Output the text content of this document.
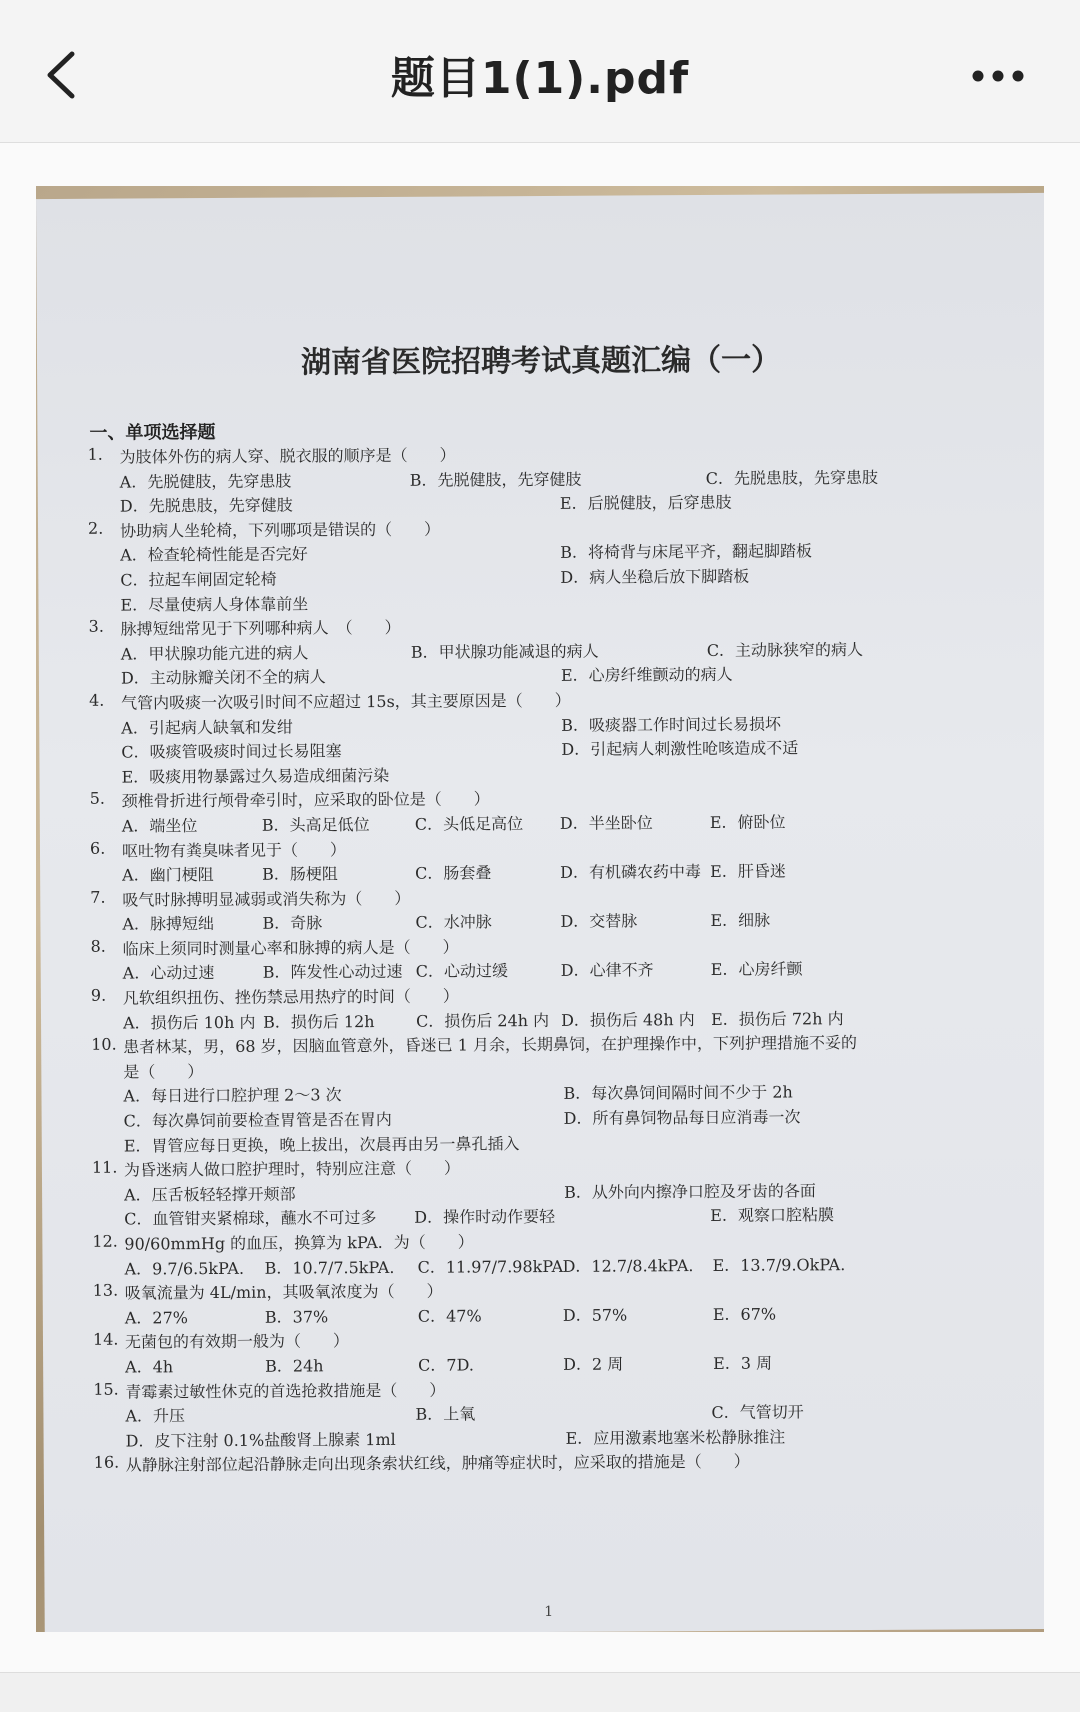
题目1(1).pdf
湖南省医院招聘考试真题汇编（一）
一、单项选择题
1. 为肢体外伤的病人穿、脱衣服的顺序是（　　）
A．先脱健肢，先穿患肢	B．先脱健肢，先穿健肢	C．先脱患肢，先穿患肢
D．先脱患肢，先穿健肢	E．后脱健肢，后穿患肢
2. 协助病人坐轮椅，下列哪项是错误的（　　）
A．检查轮椅性能是否完好	B．将椅背与床尾平齐，翻起脚踏板
C．拉起车闸固定轮椅	D．病人坐稳后放下脚踏板
E．尽量使病人身体靠前坐
3. 脉搏短绌常见于下列哪种病人　（　　）
A．甲状腺功能亢进的病人	B．甲状腺功能减退的病人	C．主动脉狭窄的病人
D．主动脉瓣关闭不全的病人	E．心房纤维颤动的病人
4. 气管内吸痰一次吸引时间不应超过 15s，其主要原因是（　　）
A．引起病人缺氧和发绀	B．吸痰器工作时间过长易损坏
C．吸痰管吸痰时间过长易阻塞	D．引起病人刺激性呛咳造成不适
E．吸痰用物暴露过久易造成细菌污染
5. 颈椎骨折进行颅骨牵引时，应采取的卧位是（　　）
A．端坐位	B．头高足低位	C．头低足高位 D．半坐卧位	E．俯卧位
6. 呕吐物有粪臭味者见于（　　）
A．幽门梗阻	B．肠梗阻	C．肠套叠	D．有机磷农药中毒 E．肝昏迷
7. 吸气时脉搏明显减弱或消失称为（　　）
A．脉搏短绌	B．奇脉	C．水冲脉	D．交替脉	E．细脉
8. 临床上须同时测量心率和脉搏的病人是（　　）
A．心动过速	B．阵发性心动过速 C．心动过缓	D．心律不齐	E．心房纤颤
9. 凡软组织扭伤、挫伤禁忌用热疗的时间（　　）
A．损伤后 10h 内 B．损伤后 12h	C．损伤后 24h 内 D．损伤后 48h 内 E．损伤后 72h 内
10. 患者林某，男，68 岁，因脑血管意外，昏迷已 1 月余，长期鼻饲，在护理操作中，下列护理措施不妥的
是（　　）
A．每日进行口腔护理 2～3 次	B．每次鼻饲间隔时间不少于 2h
C．每次鼻饲前要检查胃管是否在胃内	D．所有鼻饲物品每日应消毒一次
E．胃管应每日更换，晚上拔出，次晨再由另一鼻孔插入
11. 为昏迷病人做口腔护理时，特别应注意（　　）
A．压舌板轻轻撑开颊部	B．从外向内擦净口腔及牙齿的各面
C．血管钳夹紧棉球，蘸水不可过多 D．操作时动作要轻	E．观察口腔粘膜
12. 90/60mmHg 的血压，换算为 kPA．为（　　）
A．9.7/6.5kPA. B．10.7/7.5kPA. C．11.97/7.98kPA D．12.7/8.4kPA. E．13.7/9.OkPA.
13. 吸氧流量为 4L/min，其吸氧浓度为（　　）
A．27%	B．37%	C．47%	D．57%	E．67%
14. 无菌包的有效期一般为（　　）
A．4h	B．24h	C．7D.	D．2 周	E．3 周
15. 青霉素过敏性休克的首选抢救措施是（　　）
A．升压	B．上氧	C．气管切开
D．皮下注射 0.1%盐酸肾上腺素 1ml	E．应用激素地塞米松静脉推注
16. 从静脉注射部位起沿静脉走向出现条索状红线，肿痛等症状时，应采取的措施是（　　）
1
